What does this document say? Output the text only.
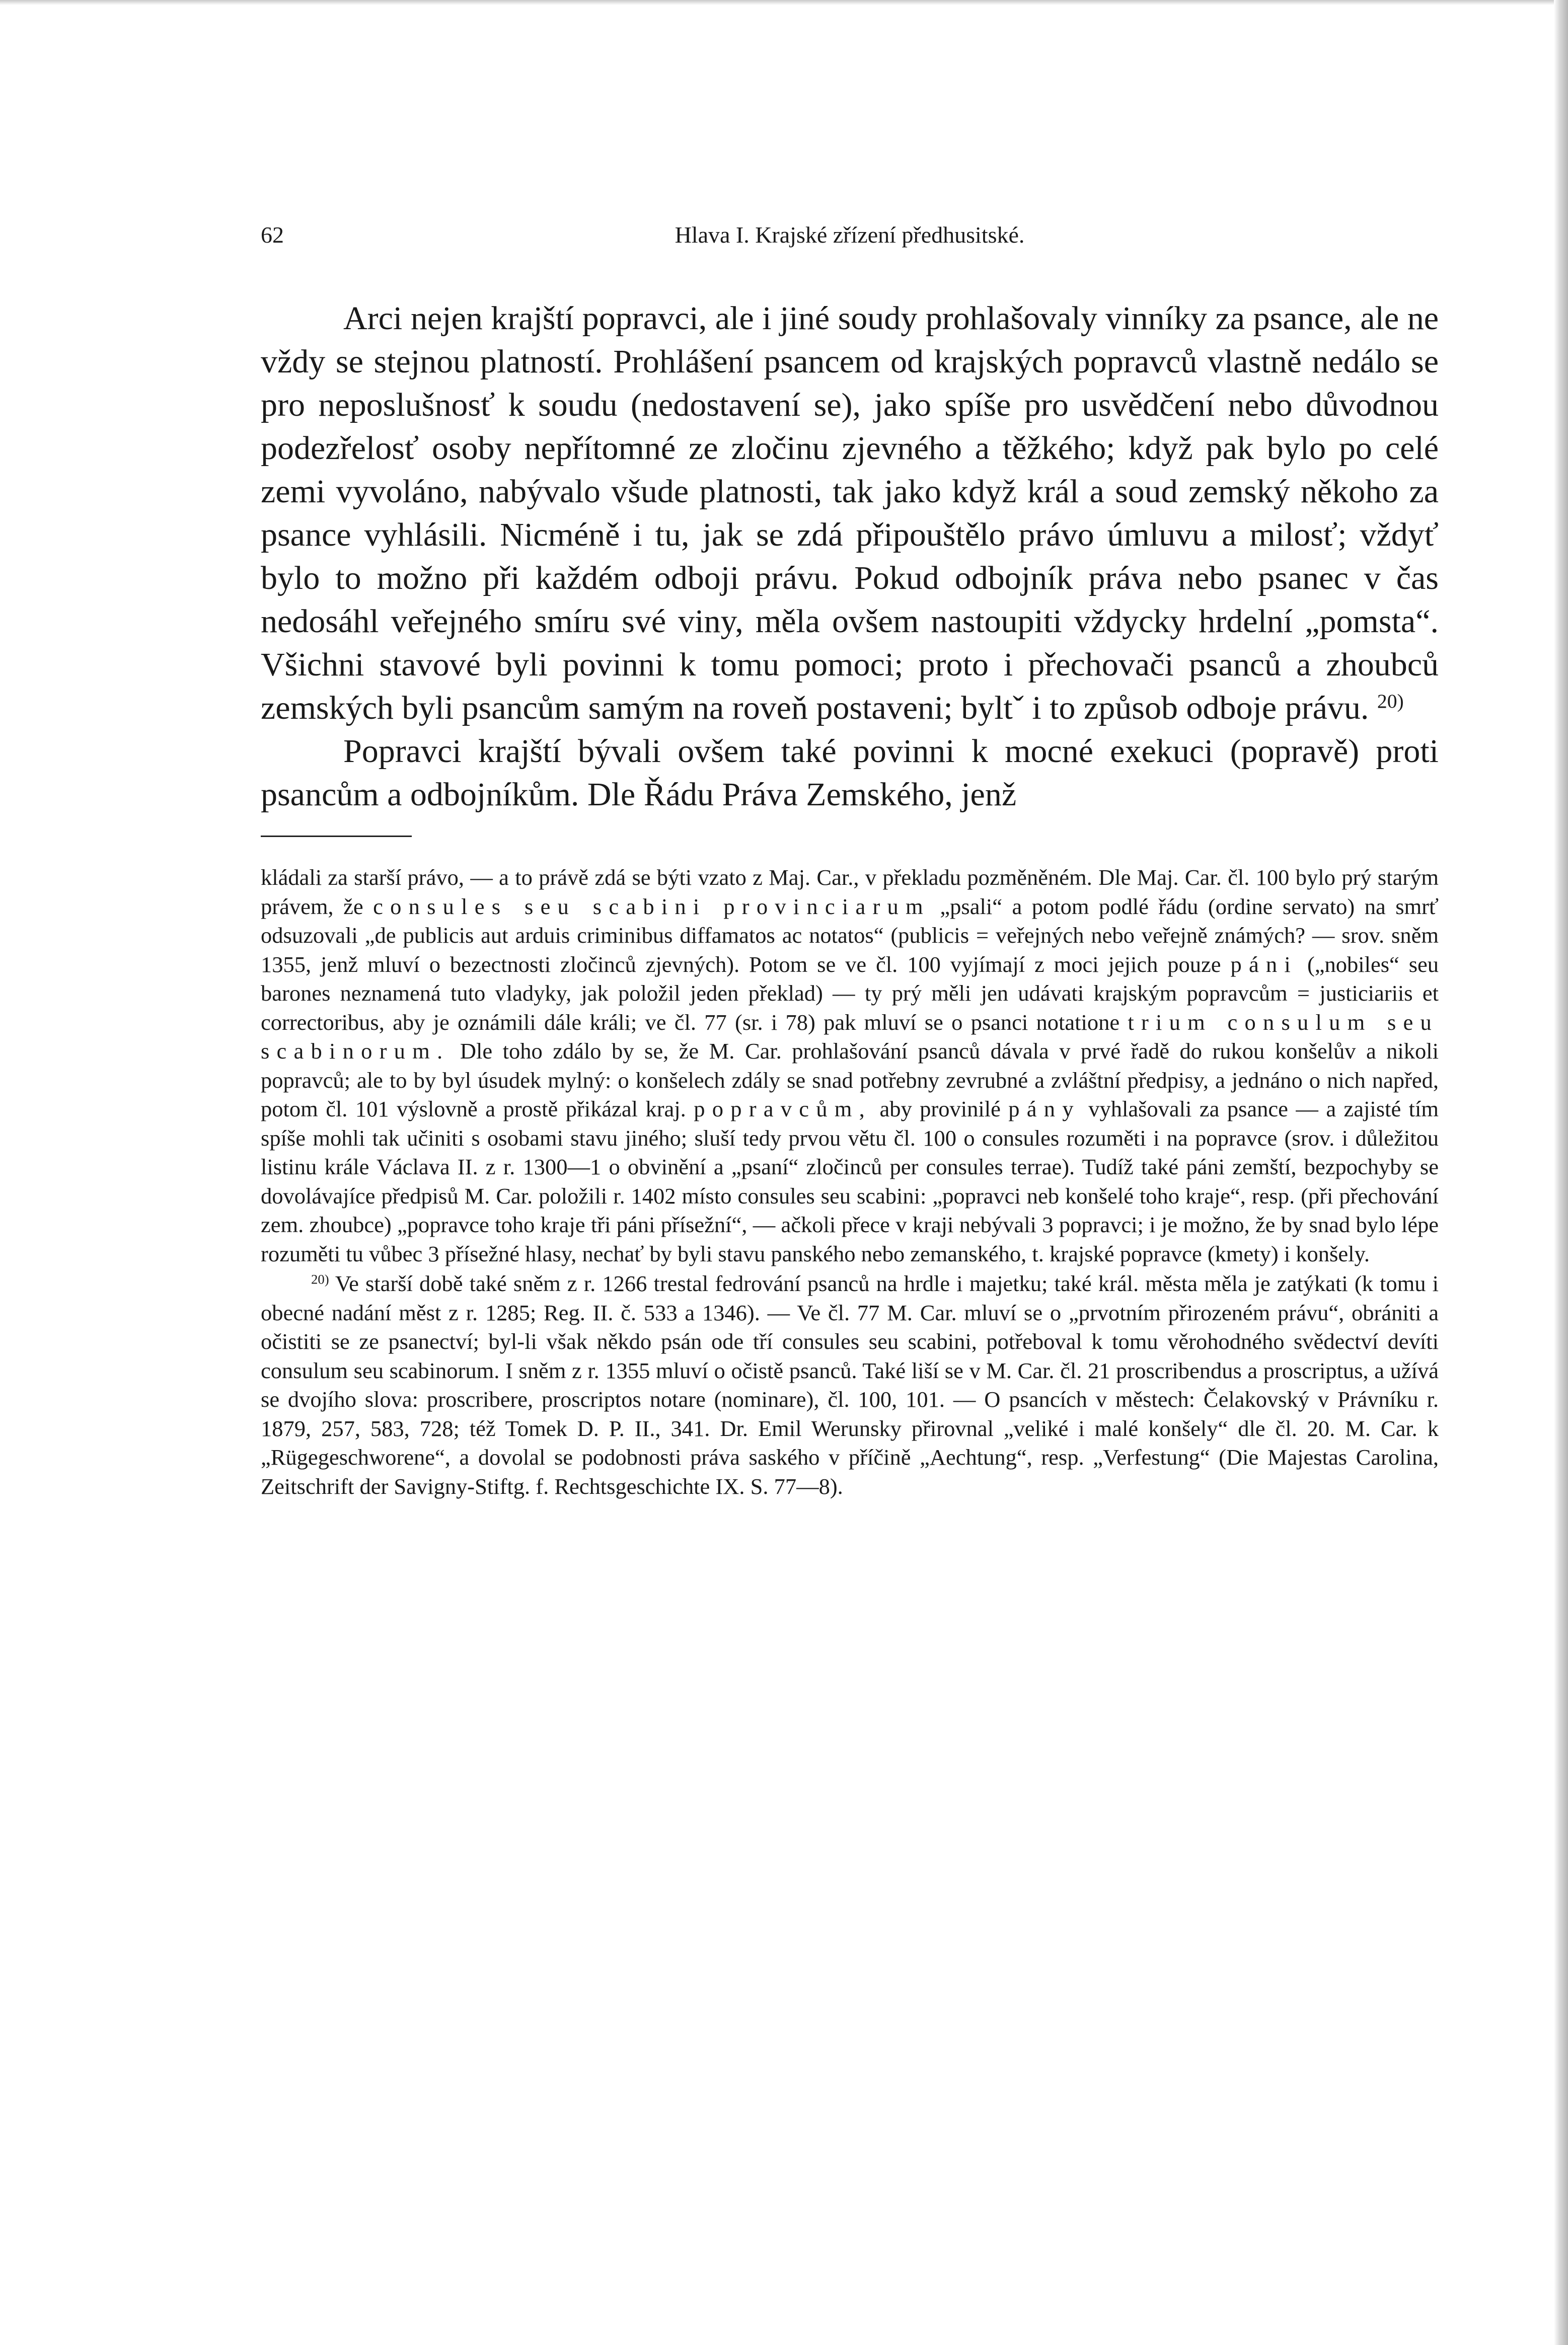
62	Hlava I. Krajské zřízení předhusitské.

Arci nejen krajští popravci, ale i jiné soudy prohlašovaly vinníky za psance, ale ne vždy se stejnou platností. Prohlášení psancem od krajských popravců vlastně nedálo se pro neposlušnosť k soudu (nedostavení se), jako spíše pro usvědčení nebo důvodnou podezřelosť osoby nepřítomné ze zločinu zjevného a těžkého; když pak bylo po celé zemi vyvoláno, nabývalo všude platnosti, tak jako když král a soud zemský někoho za psance vyhlásili. Nicméně i tu, jak se zdá připouštělo právo úmluvu a milosť; vždyť bylo to možno při každém odboji právu. Pokud odbojník práva nebo psanec v čas nedosáhl veřejného smíru své viny, měla ovšem nastoupiti vždycky hrdelní „pomsta“. Všichni stavové byli povinni k tomu pomoci; proto i přechovači psanců a zhoubců zemských byli psancům samým na roveň postaveni; byltˇ i to způsob odboje právu. $^{20)}$

Popravci krajští bývali ovšem také povinni k mocné exekuci (popravě) proti psancům a odbojníkům. Dle Řádu Práva Zemského, jenž

kládali za starší právo, — a to právě zdá se býti vzato z Maj. Car., v překladu pozměněném. Dle Maj. Car. čl. 100 bylo prý starým právem, že consules seu scabini provinciarum „psali“ a potom podlé řádu (ordine servato) na smrť odsuzovali „de publicis aut arduis criminibus diffamatos ac notatos“ (publicis = veřejných nebo veřejně známých? — srov. sněm 1355, jenž mluví o bezectnosti zločinců zjevných). Potom se ve čl. 100 vyjímají z moci jejich pouze páni („nobiles“ seu barones neznamená tuto vladyky, jak položil jeden překlad) — ty prý měli jen udávati krajským popravcům = justiciariis et correctoribus, aby je oznámili dále králi; ve čl. 77 (sr. i 78) pak mluví se o psanci notatione trium consulum seu scabinorum. Dle toho zdálo by se, že M. Car. prohlašování psanců dávala v prvé řadě do rukou konšelův a nikoli popravců; ale to by byl úsudek mylný: o konšelech zdály se snad potřebny zevrubné a zvláštní předpisy, a jednáno o nich napřed, potom čl. 101 výslovně a prostě přikázal kraj. popravcům, aby provinilé pány vyhlašovali za psance — a zajisté tím spíše mohli tak učiniti s osobami stavu jiného; sluší tedy prvou větu čl. 100 o consules rozuměti i na popravce (srov. i důležitou listinu krále Václava II. z r. 1300—1 o obvinění a „psaní“ zločinců per consules terrae). Tudíž také páni zemští, bezpochyby se dovolávajíce předpisů M. Car. položili r. 1402 místo consules seu scabini: „popravci neb konšelé toho kraje“, resp. (při přechování zem. zhoubce) „popravce toho kraje tři páni přísežní“, — ačkoli přece v kraji nebývali 3 popravci; i je možno, že by snad bylo lépe rozuměti tu vůbec 3 přísežné hlasy, nechať by byli stavu panského nebo zemanského, t. krajské popravce (kmety) i konšely.

$^{20)}$ Ve starší době také sněm z r. 1266 trestal fedrování psanců na hrdle i majetku; také král. města měla je zatýkati (k tomu i obecné nadání měst z r. 1285; Reg. II. č. 533 a 1346). — Ve čl. 77 M. Car. mluví se o „prvotním přirozeném právu“, obrániti a očistiti se ze psanectví; byl-li však někdo psán ode tří consules seu scabini, potřeboval k tomu věrohodného svědectví devíti consulum seu scabinorum. I sněm z r. 1355 mluví o očistě psanců. Také liší se v M. Car. čl. 21 proscribendus a proscriptus, a užívá se dvojího slova: proscribere, proscriptos notare (nominare), čl. 100, 101. — O psancích v městech: Čelakovský v Právníku r. 1879, 257, 583, 728; též Tomek D. P. II., 341. Dr. Emil Werunsky přirovnal „veliké i malé konšely“ dle čl. 20. M. Car. k „Rügegeschworene“, a dovolal se podobnosti práva saského v příčině „Aechtung“, resp. „Verfestung“ (Die Majestas Carolina, Zeitschrift der Savigny-Stiftg. f. Rechtsgeschichte IX. S. 77—8).
